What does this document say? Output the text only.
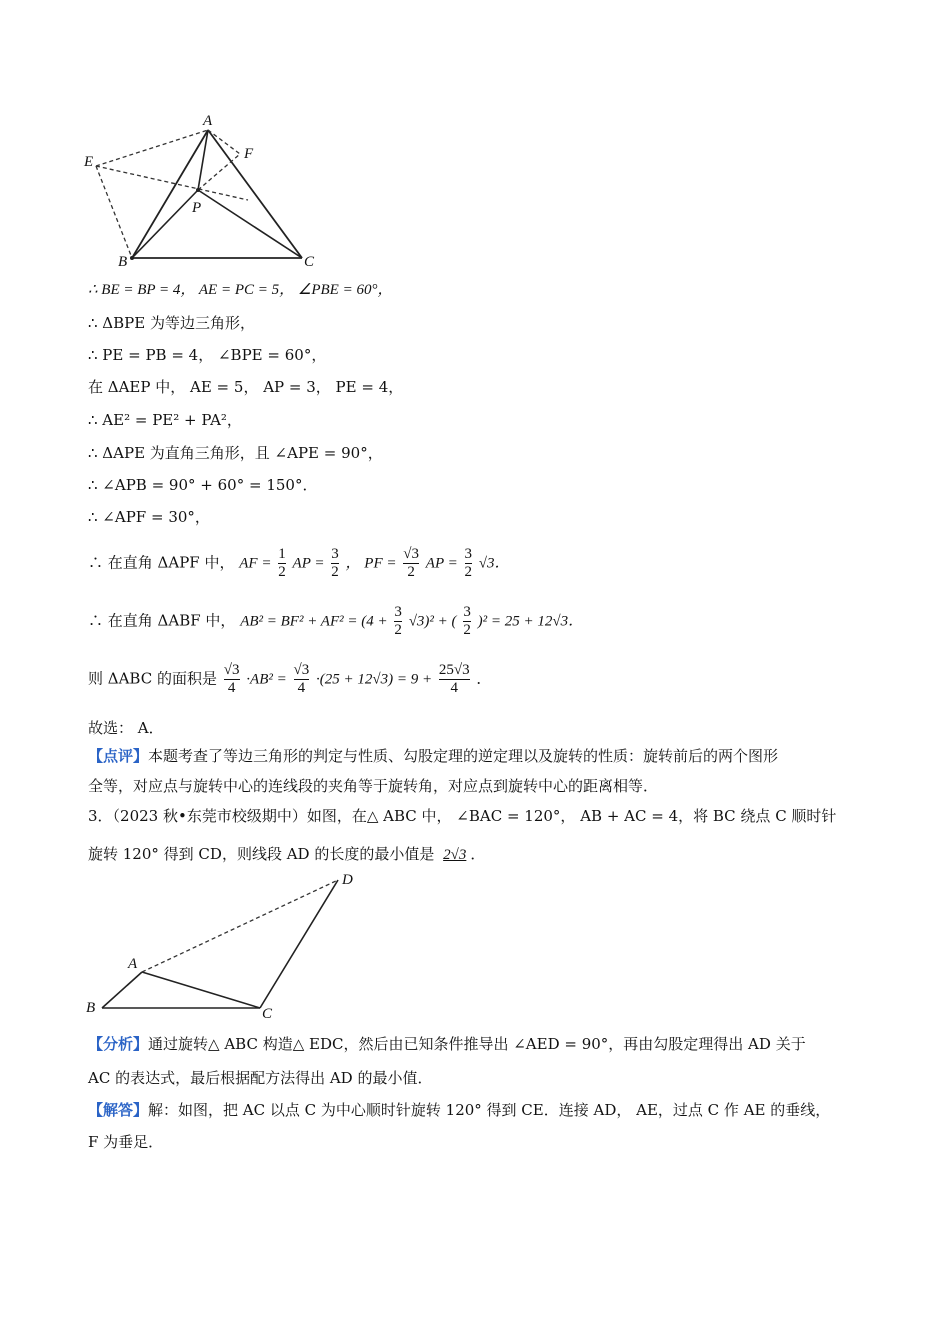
A
B	C
E	F
P
∴ BE = BP = 4， AE = PC = 5， ∠PBE = 60°，
∴ ΔBPE 为等边三角形，
∴ PE = PB = 4， ∠BPE = 60°，
在 ΔAEP 中， AE = 5， AP = 3， PE = 4，
∴ AE² = PE² + PA²，
∴ ΔAPE 为直角三角形，且 ∠APE = 90°，
∴ ∠APB = 90° + 60° = 150°．
∴ ∠APF = 30°，
∴ 在直角 ΔAPF 中， AF = $\frac{1}{2}$ AP = $\frac{3}{2}$ ， PF = $\frac{√3}{2}$ AP = $\frac{3}{2} √3$．
∴ 在直角 ΔABF 中， $AB^2 = BF^2 + AF^2 = (4 + \frac{3}{2} √3)^2$ + ( $\frac{3}{2} )^2 = 25 + 12√3$．
则 ΔABC 的面积是 $\frac{√3}{4} \cdot AB^2 = \frac{√3}{4} \cdot(25 + 12√3) = 9 + \frac{25√3}{4}$ ．
故选： A．
【点评】本题考查了等边三角形的判定与性质、勾股定理的逆定理以及旋转的性质：旋转前后的两个图形
全等，对应点与旋转中心的连线段的夹角等于旋转角，对应点到旋转中心的距离相等．
3．（2023 秋•东莞市校级期中）如图，在△ ABC 中， ∠BAC = 120°， AB + AC = 4，将 BC 绕点 C 顺时针
旋转 120° 得到 CD，则线段 AD 的长度的最小值是 2√3 ．
A
B	C
D
【分析】通过旋转△ ABC 构造△ EDC，然后由已知条件推导出 ∠AED = 90°，再由勾股定理得出 AD 关于
AC 的表达式，最后根据配方法得出 AD 的最小值．
【解答】解：如图，把 AC 以点 C 为中心顺时针旋转 120° 得到 CE．连接 AD， AE，过点 C 作 AE 的垂线，
F 为垂足．
